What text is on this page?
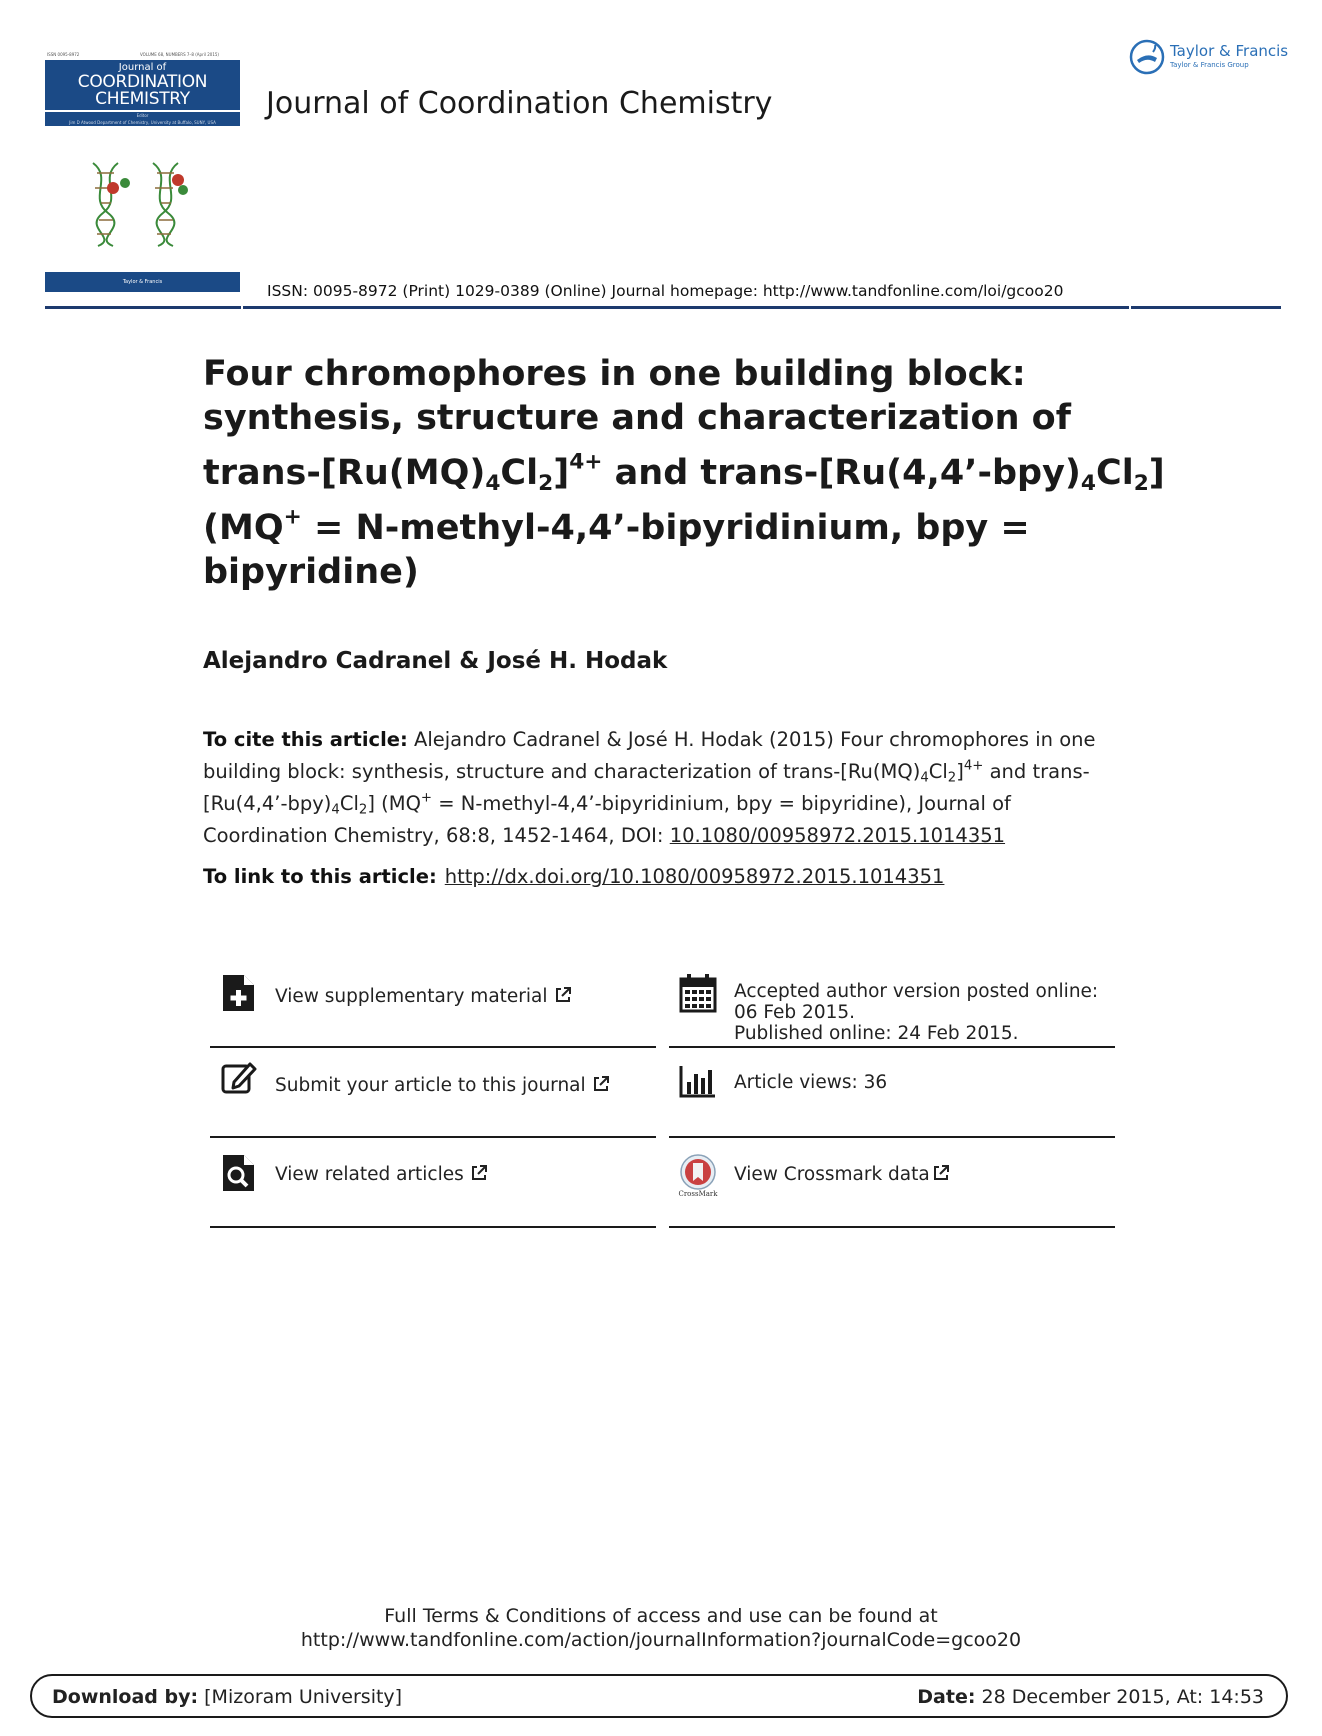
ISSN 0095-8972	VOLUME 68, NUMBERS 7–8 (April 2015)
Journal of
COORDINATION
CHEMISTRY
Editor
Jim D Atwood Department of Chemistry, University at Buffalo, SUNY, USA
Taylor & Francis
Journal of Coordination Chemistry
Taylor & Francis
Taylor & Francis Group
ISSN: 0095-8972 (Print) 1029-0389 (Online) Journal homepage: http://www.tandfonline.com/loi/gcoo20
Four chromophores in one building block:
synthesis, structure and characterization of
trans-$[Ru(MQ)_4Cl_2]^{4+}$ and trans-$[Ru(4,4’-bpy)_4Cl_2]$
(MQ+ = N-methyl-4,4’-bipyridinium, bpy =
bipyridine)
Alejandro Cadranel & José H. Hodak
To cite this article: Alejandro Cadranel & José H. Hodak (2015) Four chromophores in one building block: synthesis, structure and characterization of trans-$[Ru(MQ)_4Cl_2]^{4+}$ and trans-$[Ru(4,4’-bpy)_4Cl_2] (MQ^+$ = N-methyl-4,4’-bipyridinium, bpy = bipyridine), Journal of Coordination Chemistry, 68:8, 1452-1464, DOI: 10.1080/00958972.2015.1014351
To link to this article: http://dx.doi.org/10.1080/00958972.2015.1014351
View supplementary material
Submit your article to this journal
View related articles
Accepted author version posted online: 06 Feb 2015.
Published online: 24 Feb 2015.
Article views: 36
CrossMark
View Crossmark data
Full Terms & Conditions of access and use can be found at
http://www.tandfonline.com/action/journalInformation?journalCode=gcoo20
Download by: [Mizoram University]	Date: 28 December 2015, At: 14:53
